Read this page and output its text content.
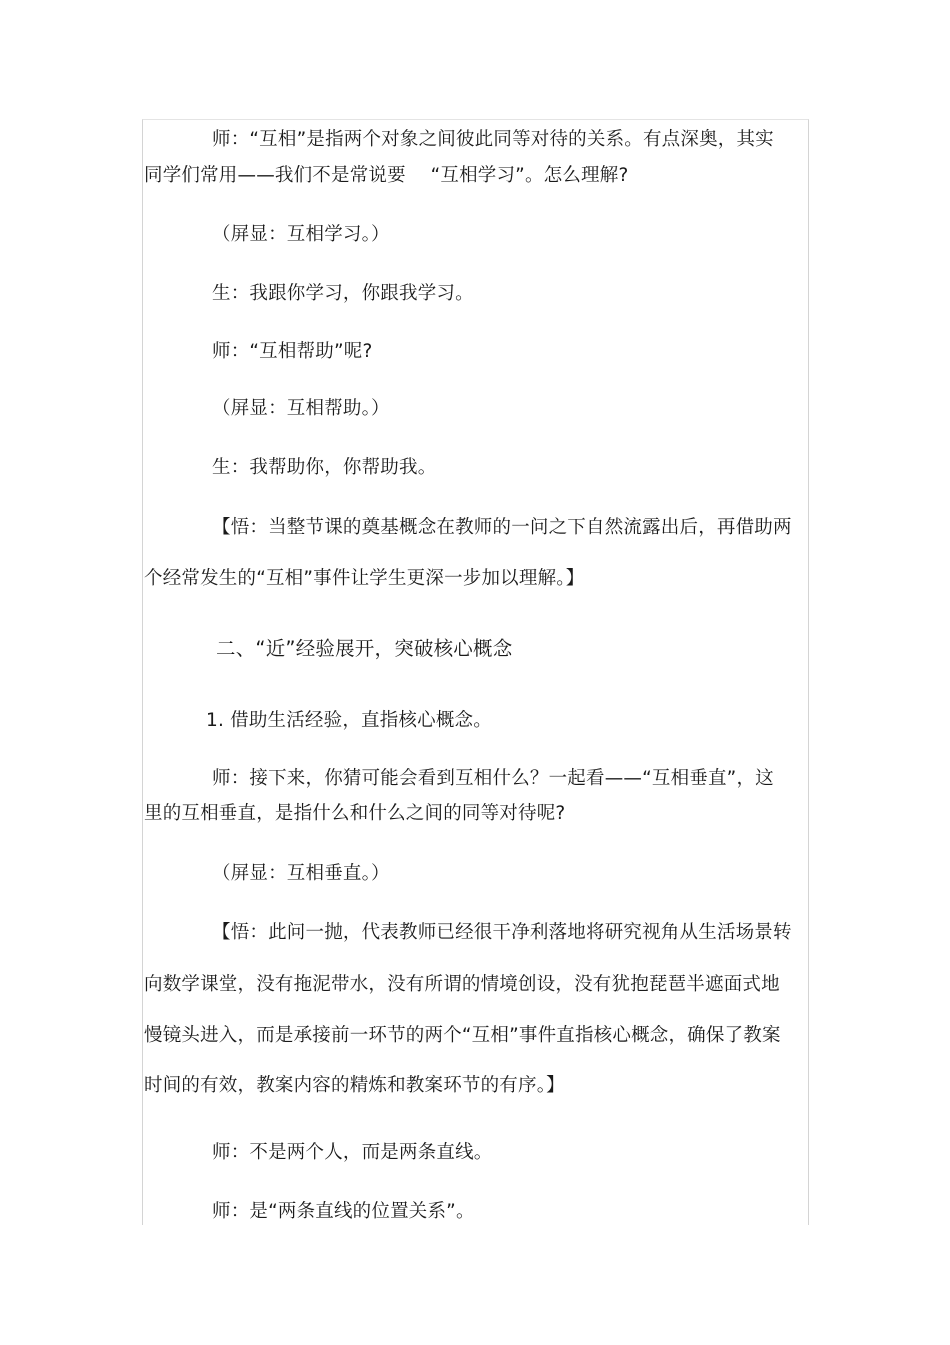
师：“互相”是指两个对象之间彼此同等对待的关系。有点深奥，其实
同学们常用——我们不是常说要　 “互相学习”。怎么理解?
（屏显：互相学习。）
生：我跟你学习，你跟我学习。
师：“互相帮助”呢?
（屏显：互相帮助。）
生：我帮助你，你帮助我。
【悟：当整节课的奠基概念在教师的一问之下自然流露出后，再借助两
个经常发生的“互相”事件让学生更深一步加以理解。】
二、“近”经验展开，突破核心概念
1. 借助生活经验，直指核心概念。
师：接下来，你猜可能会看到互相什么？一起看——“互相垂直”，这
里的互相垂直，是指什么和什么之间的同等对待呢?
（屏显：互相垂直。）
【悟：此问一抛，代表教师已经很干净利落地将研究视角从生活场景转
向数学课堂，没有拖泥带水，没有所谓的情境创设，没有犹抱琵琶半遮面式地
慢镜头进入，而是承接前一环节的两个“互相”事件直指核心概念，确保了教案
时间的有效，教案内容的精炼和教案环节的有序。】
师：不是两个人，而是两条直线。
师：是“两条直线的位置关系”。
